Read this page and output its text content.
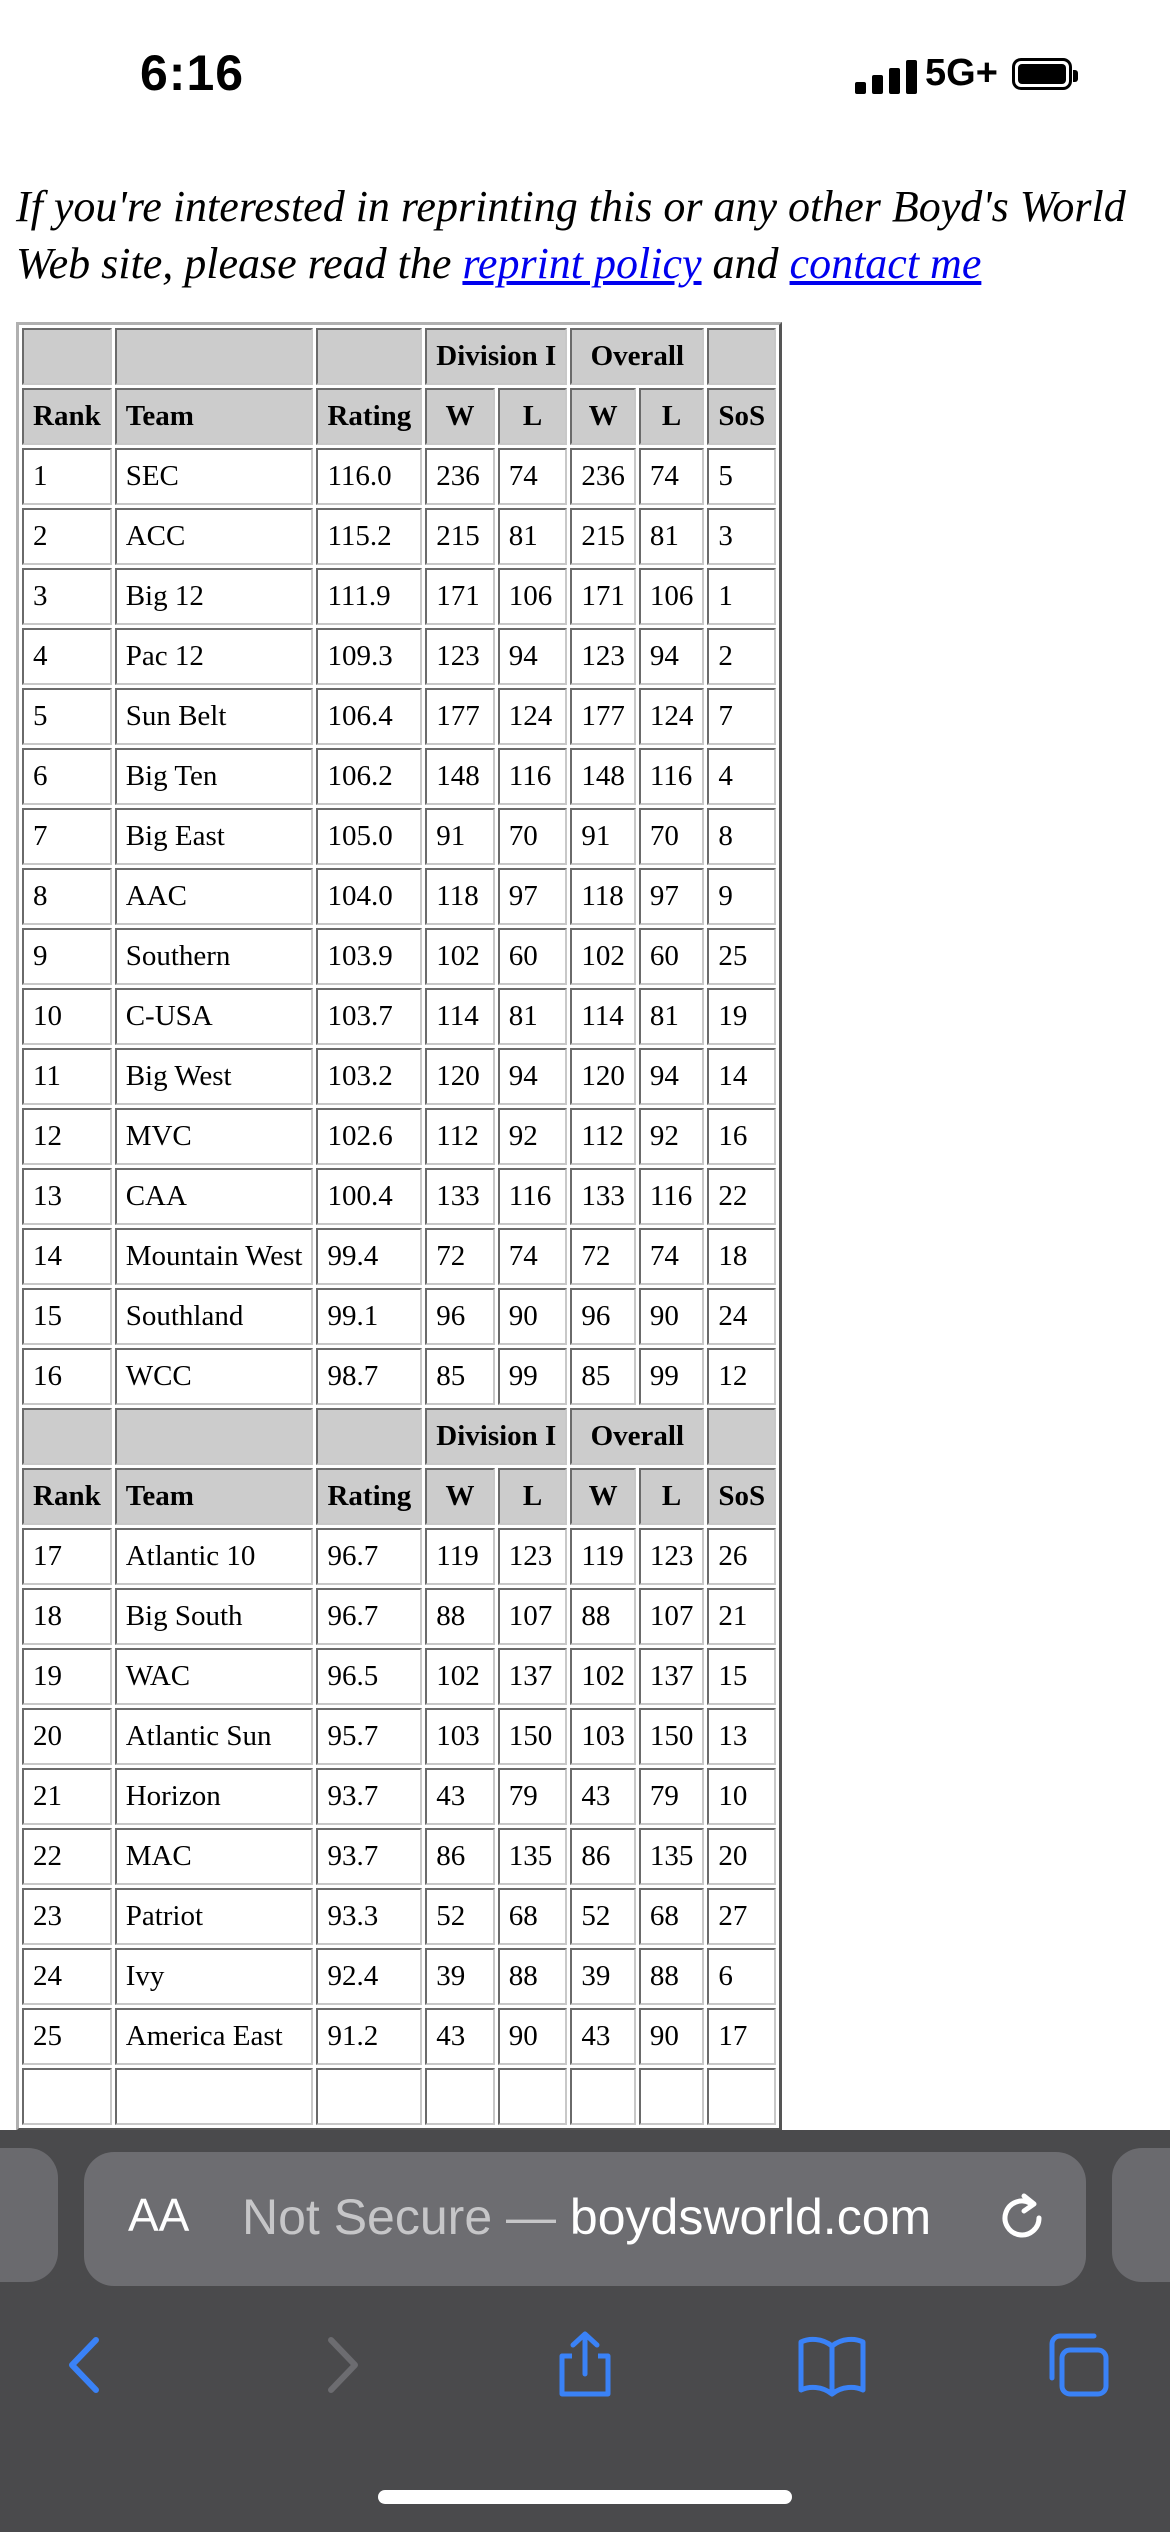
6:16	5G+
If you're interested in reprinting this or any other Boyd's World
Web site, please read the reprint policy and contact me
			Division I		Overall		
Rank	Team	Rating	W	L	W	L	SoS
1	SEC	116.0	236	74	236	74	5
2	ACC	115.2	215	81	215	81	3
3	Big 12	111.9	171	106	171	106	1
4	Pac 12	109.3	123	94	123	94	2
5	Sun Belt	106.4	177	124	177	124	7
6	Big Ten	106.2	148	116	148	116	4
7	Big East	105.0	91	70	91	70	8
8	AAC	104.0	118	97	118	97	9
9	Southern	103.9	102	60	102	60	25
10	C-USA	103.7	114	81	114	81	19
11	Big West	103.2	120	94	120	94	14
12	MVC	102.6	112	92	112	92	16
13	CAA	100.4	133	116	133	116	22
14	Mountain West	99.4	72	74	72	74	18
15	Southland	99.1	96	90	96	90	24
16	WCC	98.7	85	99	85	99	12
			Division I		Overall		
Rank	Team	Rating	W	L	W	L	SoS
17	Atlantic 10	96.7	119	123	119	123	26
18	Big South	96.7	88	107	88	107	21
19	WAC	96.5	102	137	102	137	15
20	Atlantic Sun	95.7	103	150	103	150	13
21	Horizon	93.7	43	79	43	79	10
22	MAC	93.7	86	135	86	135	20
23	Patriot	93.3	52	68	52	68	27
24	Ivy	92.4	39	88	39	88	6
25	America East	91.2	43	90	43	90	17

AA Not Secure — boydsworld.com
